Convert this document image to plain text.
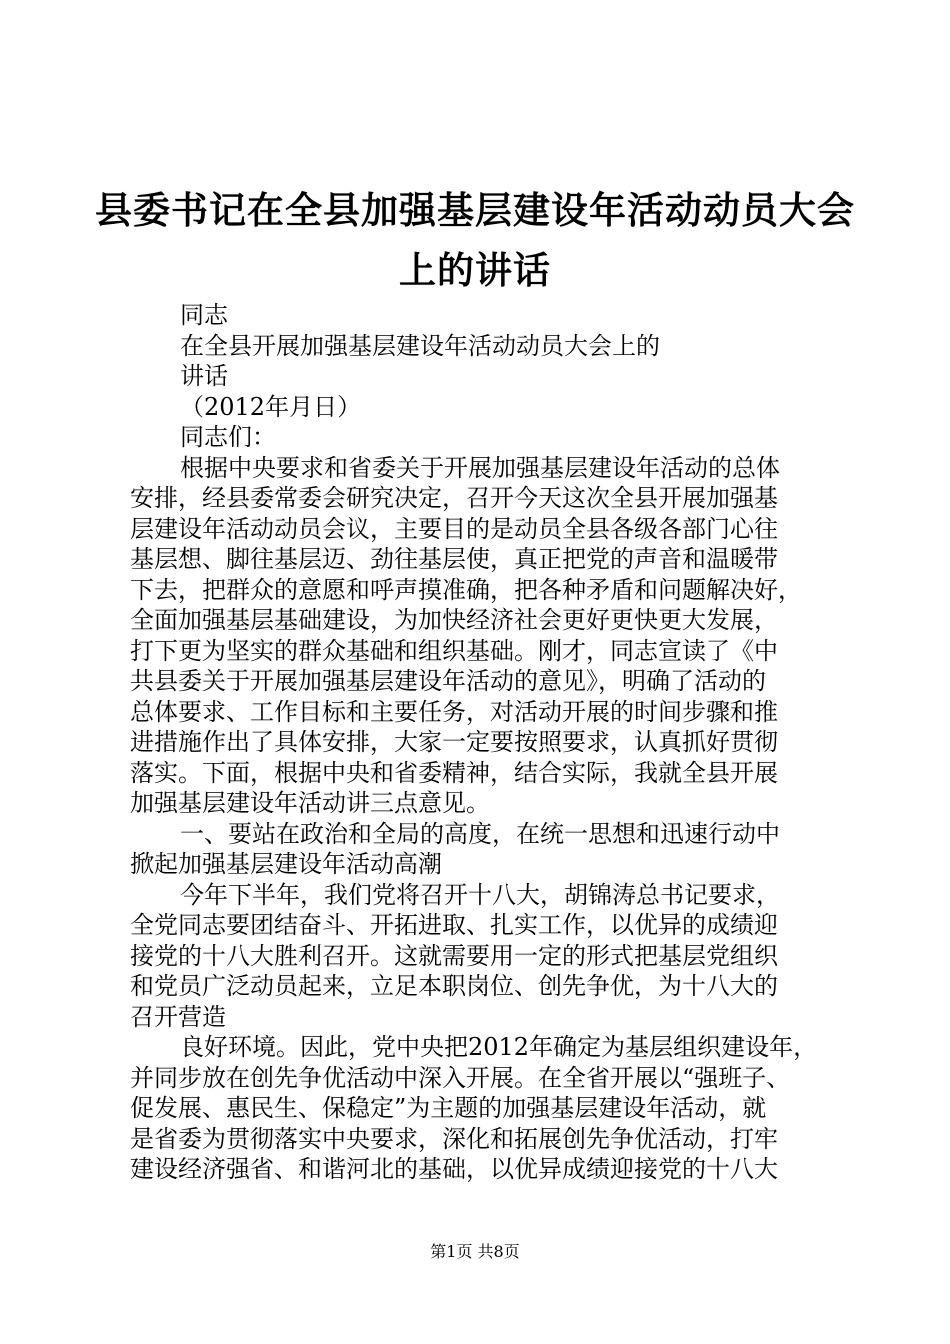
县委书记在全县加强基层建设年活动动员大会
上的讲话
同志
在全县开展加强基层建设年活动动员大会上的
讲话
（2012年月日）
同志们：
根据中央要求和省委关于开展加强基层建设年活动的总体
安排，经县委常委会研究决定，召开今天这次全县开展加强基
层建设年活动动员会议，主要目的是动员全县各级各部门心往
基层想、脚往基层迈、劲往基层使，真正把党的声音和温暖带
下去，把群众的意愿和呼声摸准确，把各种矛盾和问题解决好，
全面加强基层基础建设，为加快经济社会更好更快更大发展，
打下更为坚实的群众基础和组织基础。刚才，同志宣读了《中
共县委关于开展加强基层建设年活动的意见》，明确了活动的
总体要求、工作目标和主要任务，对活动开展的时间步骤和推
进措施作出了具体安排，大家一定要按照要求，认真抓好贯彻
落实。下面，根据中央和省委精神，结合实际，我就全县开展
加强基层建设年活动讲三点意见。
一、要站在政治和全局的高度，在统一思想和迅速行动中
掀起加强基层建设年活动高潮
今年下半年，我们党将召开十八大，胡锦涛总书记要求，
全党同志要团结奋斗、开拓进取、扎实工作，以优异的成绩迎
接党的十八大胜利召开。这就需要用一定的形式把基层党组织
和党员广泛动员起来，立足本职岗位、创先争优，为十八大的
召开营造
良好环境。因此，党中央把2012年确定为基层组织建设年，
并同步放在创先争优活动中深入开展。在全省开展以“强班子、
促发展、惠民生、保稳定”为主题的加强基层建设年活动，就
是省委为贯彻落实中央要求，深化和拓展创先争优活动，打牢
建设经济强省、和谐河北的基础，以优异成绩迎接党的十八大
第1页 共8页
